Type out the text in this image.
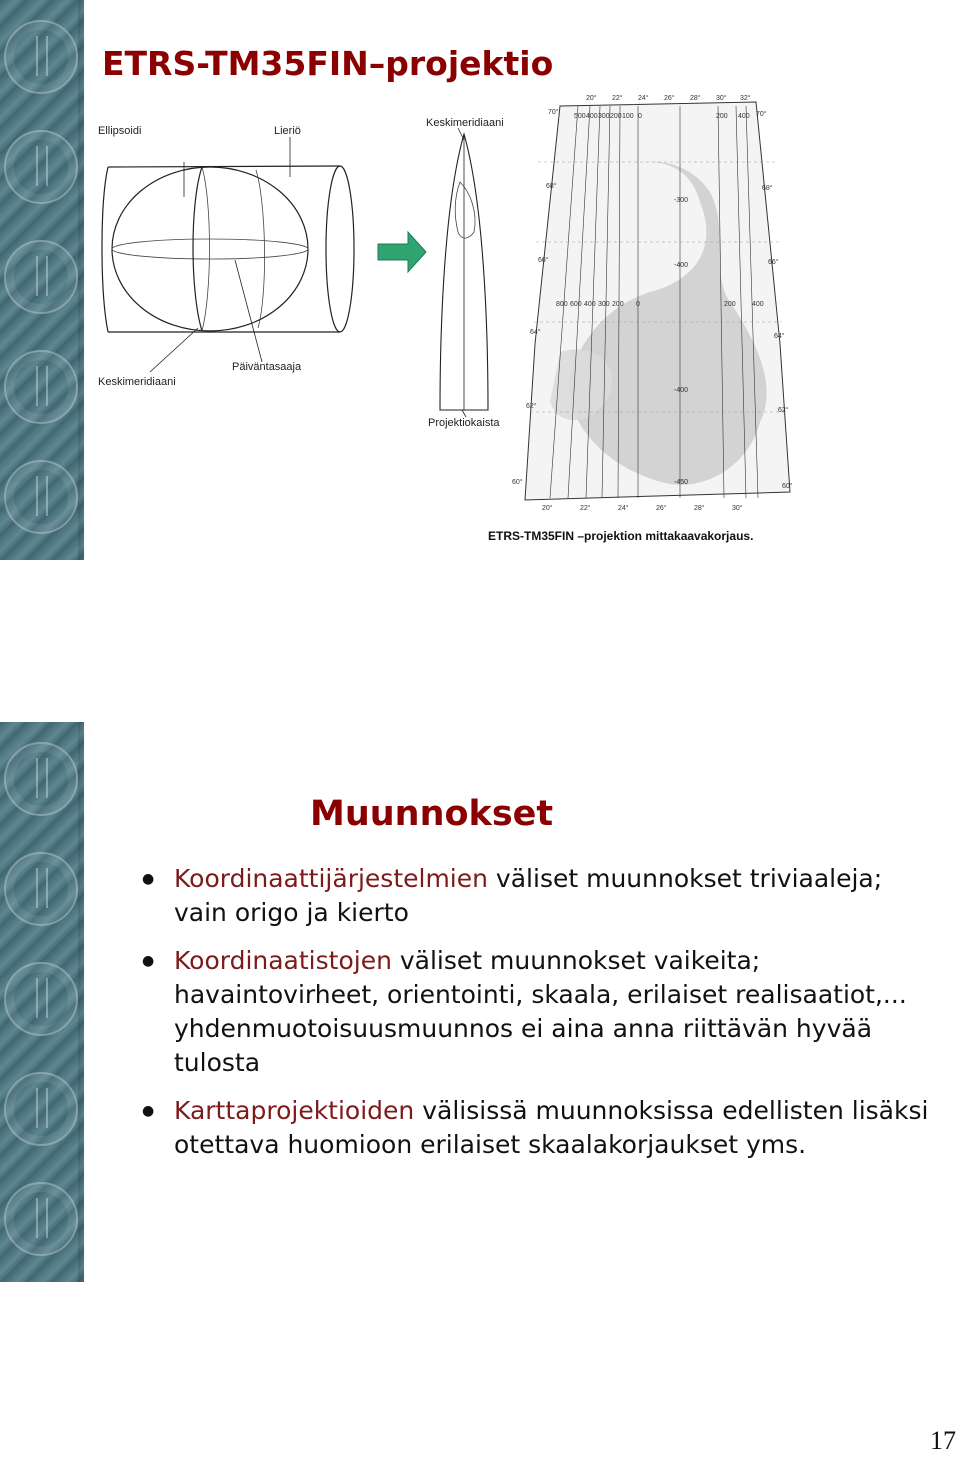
ETRS-TM35FIN–projektio
Ellipsoidi	Lieriö
Keskimeridiaani
Päiväntasaaja
Keskimeridiaani
Projektiokaista
20° 22° 24° 26° 28° 30° 32°
20°	22°	24°	26°	28°	30°
500 400 300 200 100 0	200 400
800 600 400 300 200 0	200 400
70°
68°
66°
64°
62°
60°
70°
68°
66°
64°
62°
60°
-300
-400
-400
-450
ETRS-TM35FIN –projektion mittakaavakorjaus.
Muunnokset
● Koordinaattijärjestelmien väliset muunnokset triviaaleja; vain origo ja kierto
● Koordinaatistojen väliset muunnokset vaikeita; havaintovirheet, orientointi, skaala, erilaiset realisaatiot,... yhdenmuotoisuusmuunnos ei aina anna riittävän hyvää tulosta
● Karttaprojektioiden välisissä muunnoksissa edellisten lisäksi otettava huomioon erilaiset skaalakorjaukset yms.
17
